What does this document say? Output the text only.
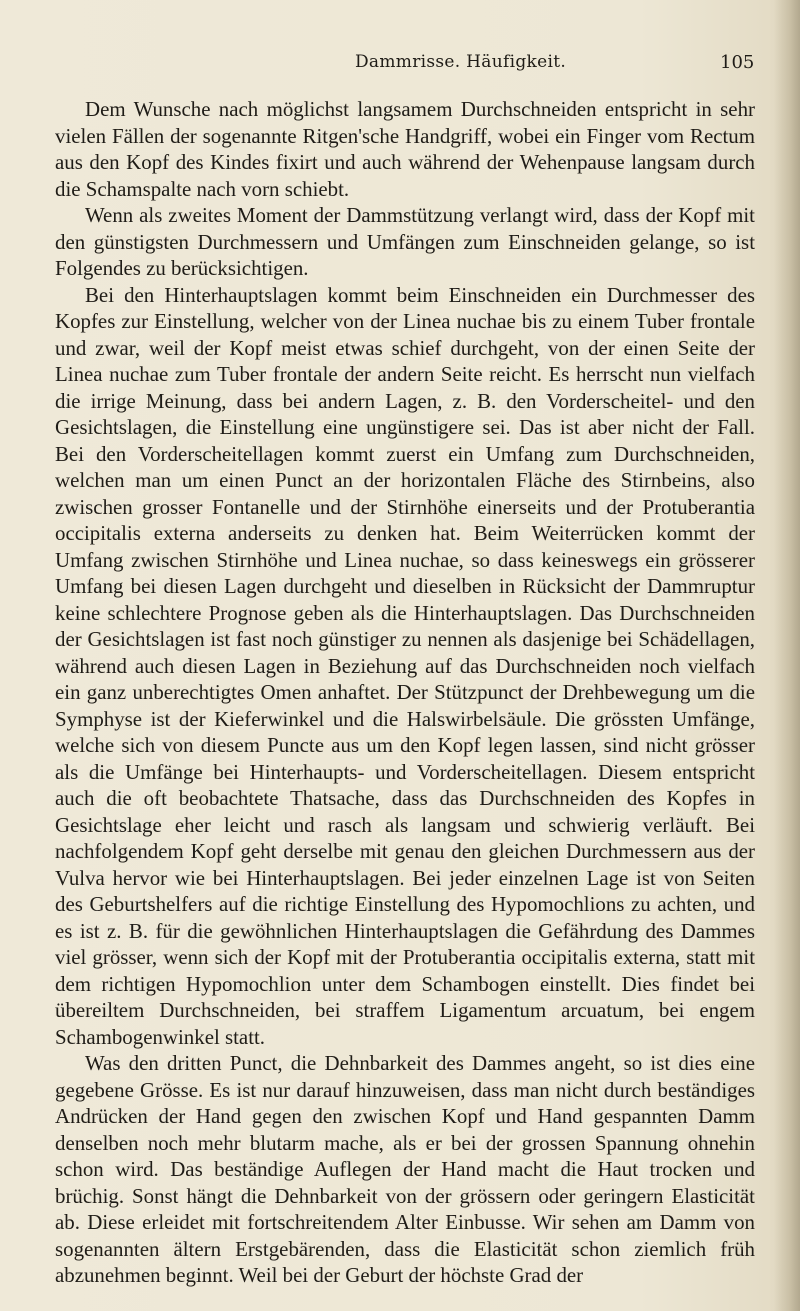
Dammrisse. Häufigkeit.	105

Dem Wunsche nach möglichst langsamem Durchschneiden entspricht in sehr vielen Fällen der sogenannte Ritgen'sche Handgriff, wobei ein Finger vom Rectum aus den Kopf des Kindes fixirt und auch während der Wehenpause langsam durch die Schamspalte nach vorn schiebt.

Wenn als zweites Moment der Dammstützung verlangt wird, dass der Kopf mit den günstigsten Durchmessern und Umfängen zum Einschneiden gelange, so ist Folgendes zu berücksichtigen.

Bei den Hinterhauptslagen kommt beim Einschneiden ein Durchmesser des Kopfes zur Einstellung, welcher von der Linea nuchae bis zu einem Tuber frontale und zwar, weil der Kopf meist etwas schief durchgeht, von der einen Seite der Linea nuchae zum Tuber frontale der andern Seite reicht. Es herrscht nun vielfach die irrige Meinung, dass bei andern Lagen, z. B. den Vorderscheitel- und den Gesichtslagen, die Einstellung eine ungünstigere sei. Das ist aber nicht der Fall. Bei den Vorderscheitellagen kommt zuerst ein Umfang zum Durchschneiden, welchen man um einen Punct an der horizontalen Fläche des Stirnbeins, also zwischen grosser Fontanelle und der Stirnhöhe einerseits und der Protuberantia occipitalis externa anderseits zu denken hat. Beim Weiterrücken kommt der Umfang zwischen Stirnhöhe und Linea nuchae, so dass keineswegs ein grösserer Umfang bei diesen Lagen durchgeht und dieselben in Rücksicht der Dammruptur keine schlechtere Prognose geben als die Hinterhauptslagen. Das Durchschneiden der Gesichtslagen ist fast noch günstiger zu nennen als dasjenige bei Schädellagen, während auch diesen Lagen in Beziehung auf das Durchschneiden noch vielfach ein ganz unberechtigtes Omen anhaftet. Der Stützpunct der Drehbewegung um die Symphyse ist der Kieferwinkel und die Halswirbelsäule. Die grössten Umfänge, welche sich von diesem Puncte aus um den Kopf legen lassen, sind nicht grösser als die Umfänge bei Hinterhaupts- und Vorderscheitellagen. Diesem entspricht auch die oft beobachtete Thatsache, dass das Durchschneiden des Kopfes in Gesichtslage eher leicht und rasch als langsam und schwierig verläuft. Bei nachfolgendem Kopf geht derselbe mit genau den gleichen Durchmessern aus der Vulva hervor wie bei Hinterhauptslagen. Bei jeder einzelnen Lage ist von Seiten des Geburtshelfers auf die richtige Einstellung des Hypomochlions zu achten, und es ist z. B. für die gewöhnlichen Hinterhauptslagen die Gefährdung des Dammes viel grösser, wenn sich der Kopf mit der Protuberantia occipitalis externa, statt mit dem richtigen Hypomochlion unter dem Schambogen einstellt. Dies findet bei übereiltem Durchschneiden, bei straffem Ligamentum arcuatum, bei engem Schambogenwinkel statt.

Was den dritten Punct, die Dehnbarkeit des Dammes angeht, so ist dies eine gegebene Grösse. Es ist nur darauf hinzuweisen, dass man nicht durch beständiges Andrücken der Hand gegen den zwischen Kopf und Hand gespannten Damm denselben noch mehr blutarm mache, als er bei der grossen Spannung ohnehin schon wird. Das beständige Auflegen der Hand macht die Haut trocken und brüchig. Sonst hängt die Dehnbarkeit von der grössern oder geringern Elasticität ab. Diese erleidet mit fortschreitendem Alter Einbusse. Wir sehen am Damm von sogenannten ältern Erstgebärenden, dass die Elasticität schon ziemlich früh abzunehmen beginnt. Weil bei der Geburt der höchste Grad der
